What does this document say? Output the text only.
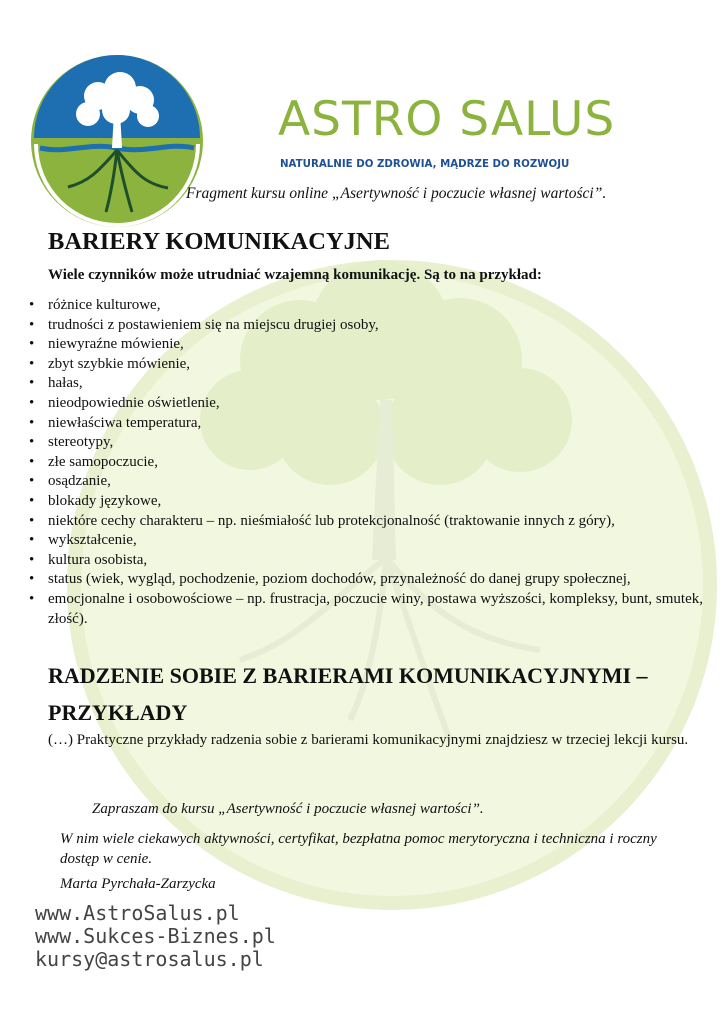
ASTRO SALUS
NATURALNIE DO ZDROWIA, MĄDRZE DO ROZWOJU
Fragment kursu online „Asertywność i poczucie własnej wartości”.
BARIERY KOMUNIKACYJNE
Wiele czynników może utrudniać wzajemną komunikację. Są to na przykład:
• różnice kulturowe,
• trudności z postawieniem się na miejscu drugiej osoby,
• niewyraźne mówienie,
• zbyt szybkie mówienie,
• hałas,
• nieodpowiednie oświetlenie,
• niewłaściwa temperatura,
• stereotypy,
• złe samopoczucie,
• osądzanie,
• blokady językowe,
• niektóre cechy charakteru – np. nieśmiałość lub protekcjonalność (traktowanie innych z góry),
• wykształcenie,
• kultura osobista,
• status (wiek, wygląd, pochodzenie, poziom dochodów, przynależność do danej grupy społecznej,
• emocjonalne i osobowościowe – np. frustracja, poczucie winy, postawa wyższości, kompleksy, bunt, smutek, złość).
RADZENIE SOBIE Z BARIERAMI KOMUNIKACYJNYMI – PRZYKŁADY
(…) Praktyczne przykłady radzenia sobie z barierami komunikacyjnymi znajdziesz w trzeciej lekcji kursu.
Zapraszam do kursu „Asertywność i poczucie własnej wartości”.
W nim wiele ciekawych aktywności, certyfikat, bezpłatna pomoc merytoryczna i techniczna i roczny dostęp w cenie.
Marta Pyrchała-Zarzycka
www.AstroSalus.pl
www.Sukces-Biznes.pl
kursy@astrosalus.pl
